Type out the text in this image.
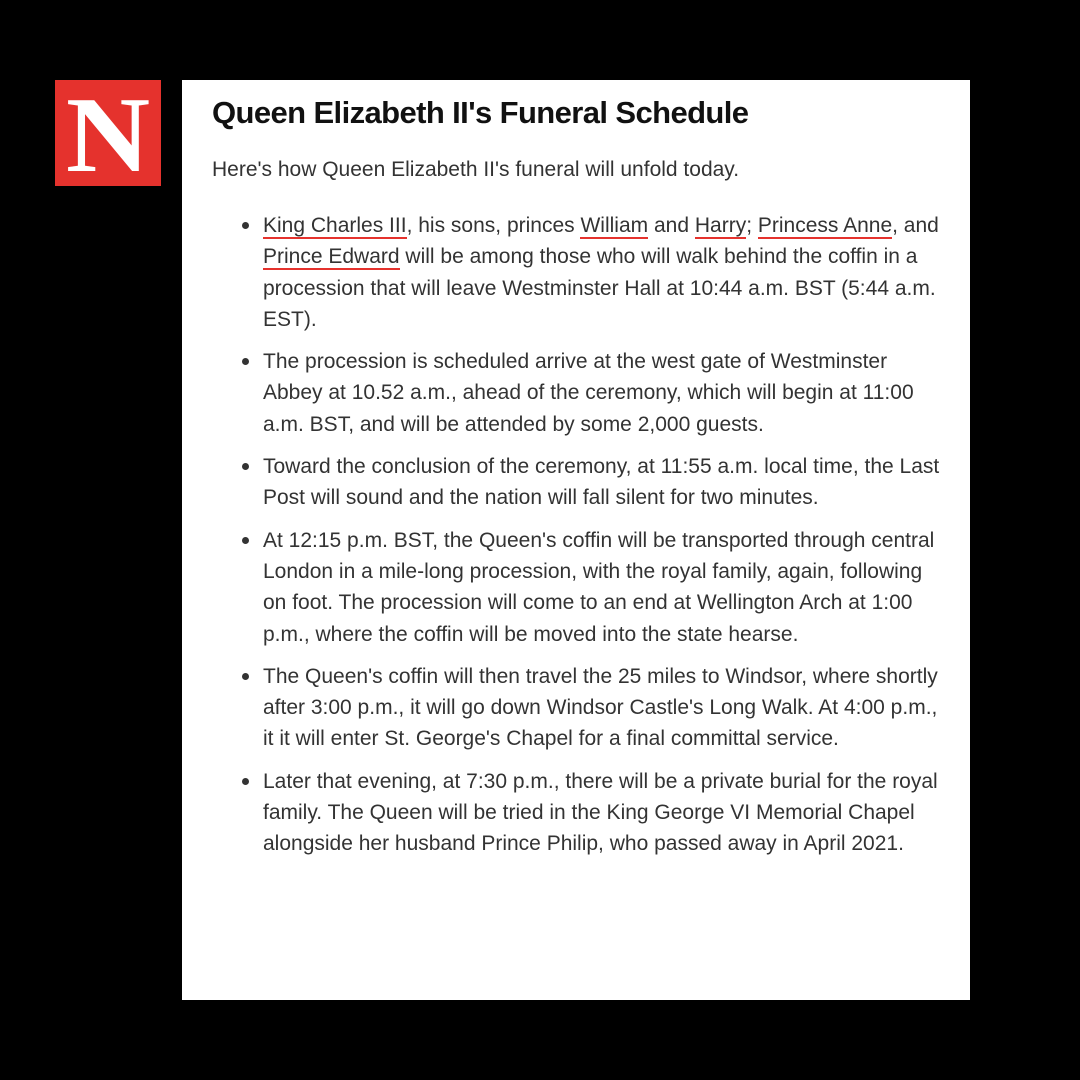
N Queen Elizabeth II's Funeral Schedule

Here's how Queen Elizabeth II's funeral will unfold today.

King Charles III, his sons, princes William and Harry; Princess Anne, and Prince Edward will be among those who will walk behind the coffin in a procession that will leave Westminster Hall at 10:44 a.m. BST (5:44 a.m. EST).
The procession is scheduled arrive at the west gate of Westminster Abbey at 10.52 a.m., ahead of the ceremony, which will begin at 11:00 a.m. BST, and will be attended by some 2,000 guests.
Toward the conclusion of the ceremony, at 11:55 a.m. local time, the Last Post will sound and the nation will fall silent for two minutes.
At 12:15 p.m. BST, the Queen's coffin will be transported through central London in a mile-long procession, with the royal family, again, following on foot. The procession will come to an end at Wellington Arch at 1:00 p.m., where the coffin will be moved into the state hearse.
The Queen's coffin will then travel the 25 miles to Windsor, where shortly after 3:00 p.m., it will go down Windsor Castle's Long Walk. At 4:00 p.m., it it will enter St. George's Chapel for a final committal service.
Later that evening, at 7:30 p.m., there will be a private burial for the royal family. The Queen will be tried in the King George VI Memorial Chapel alongside her husband Prince Philip, who passed away in April 2021.
